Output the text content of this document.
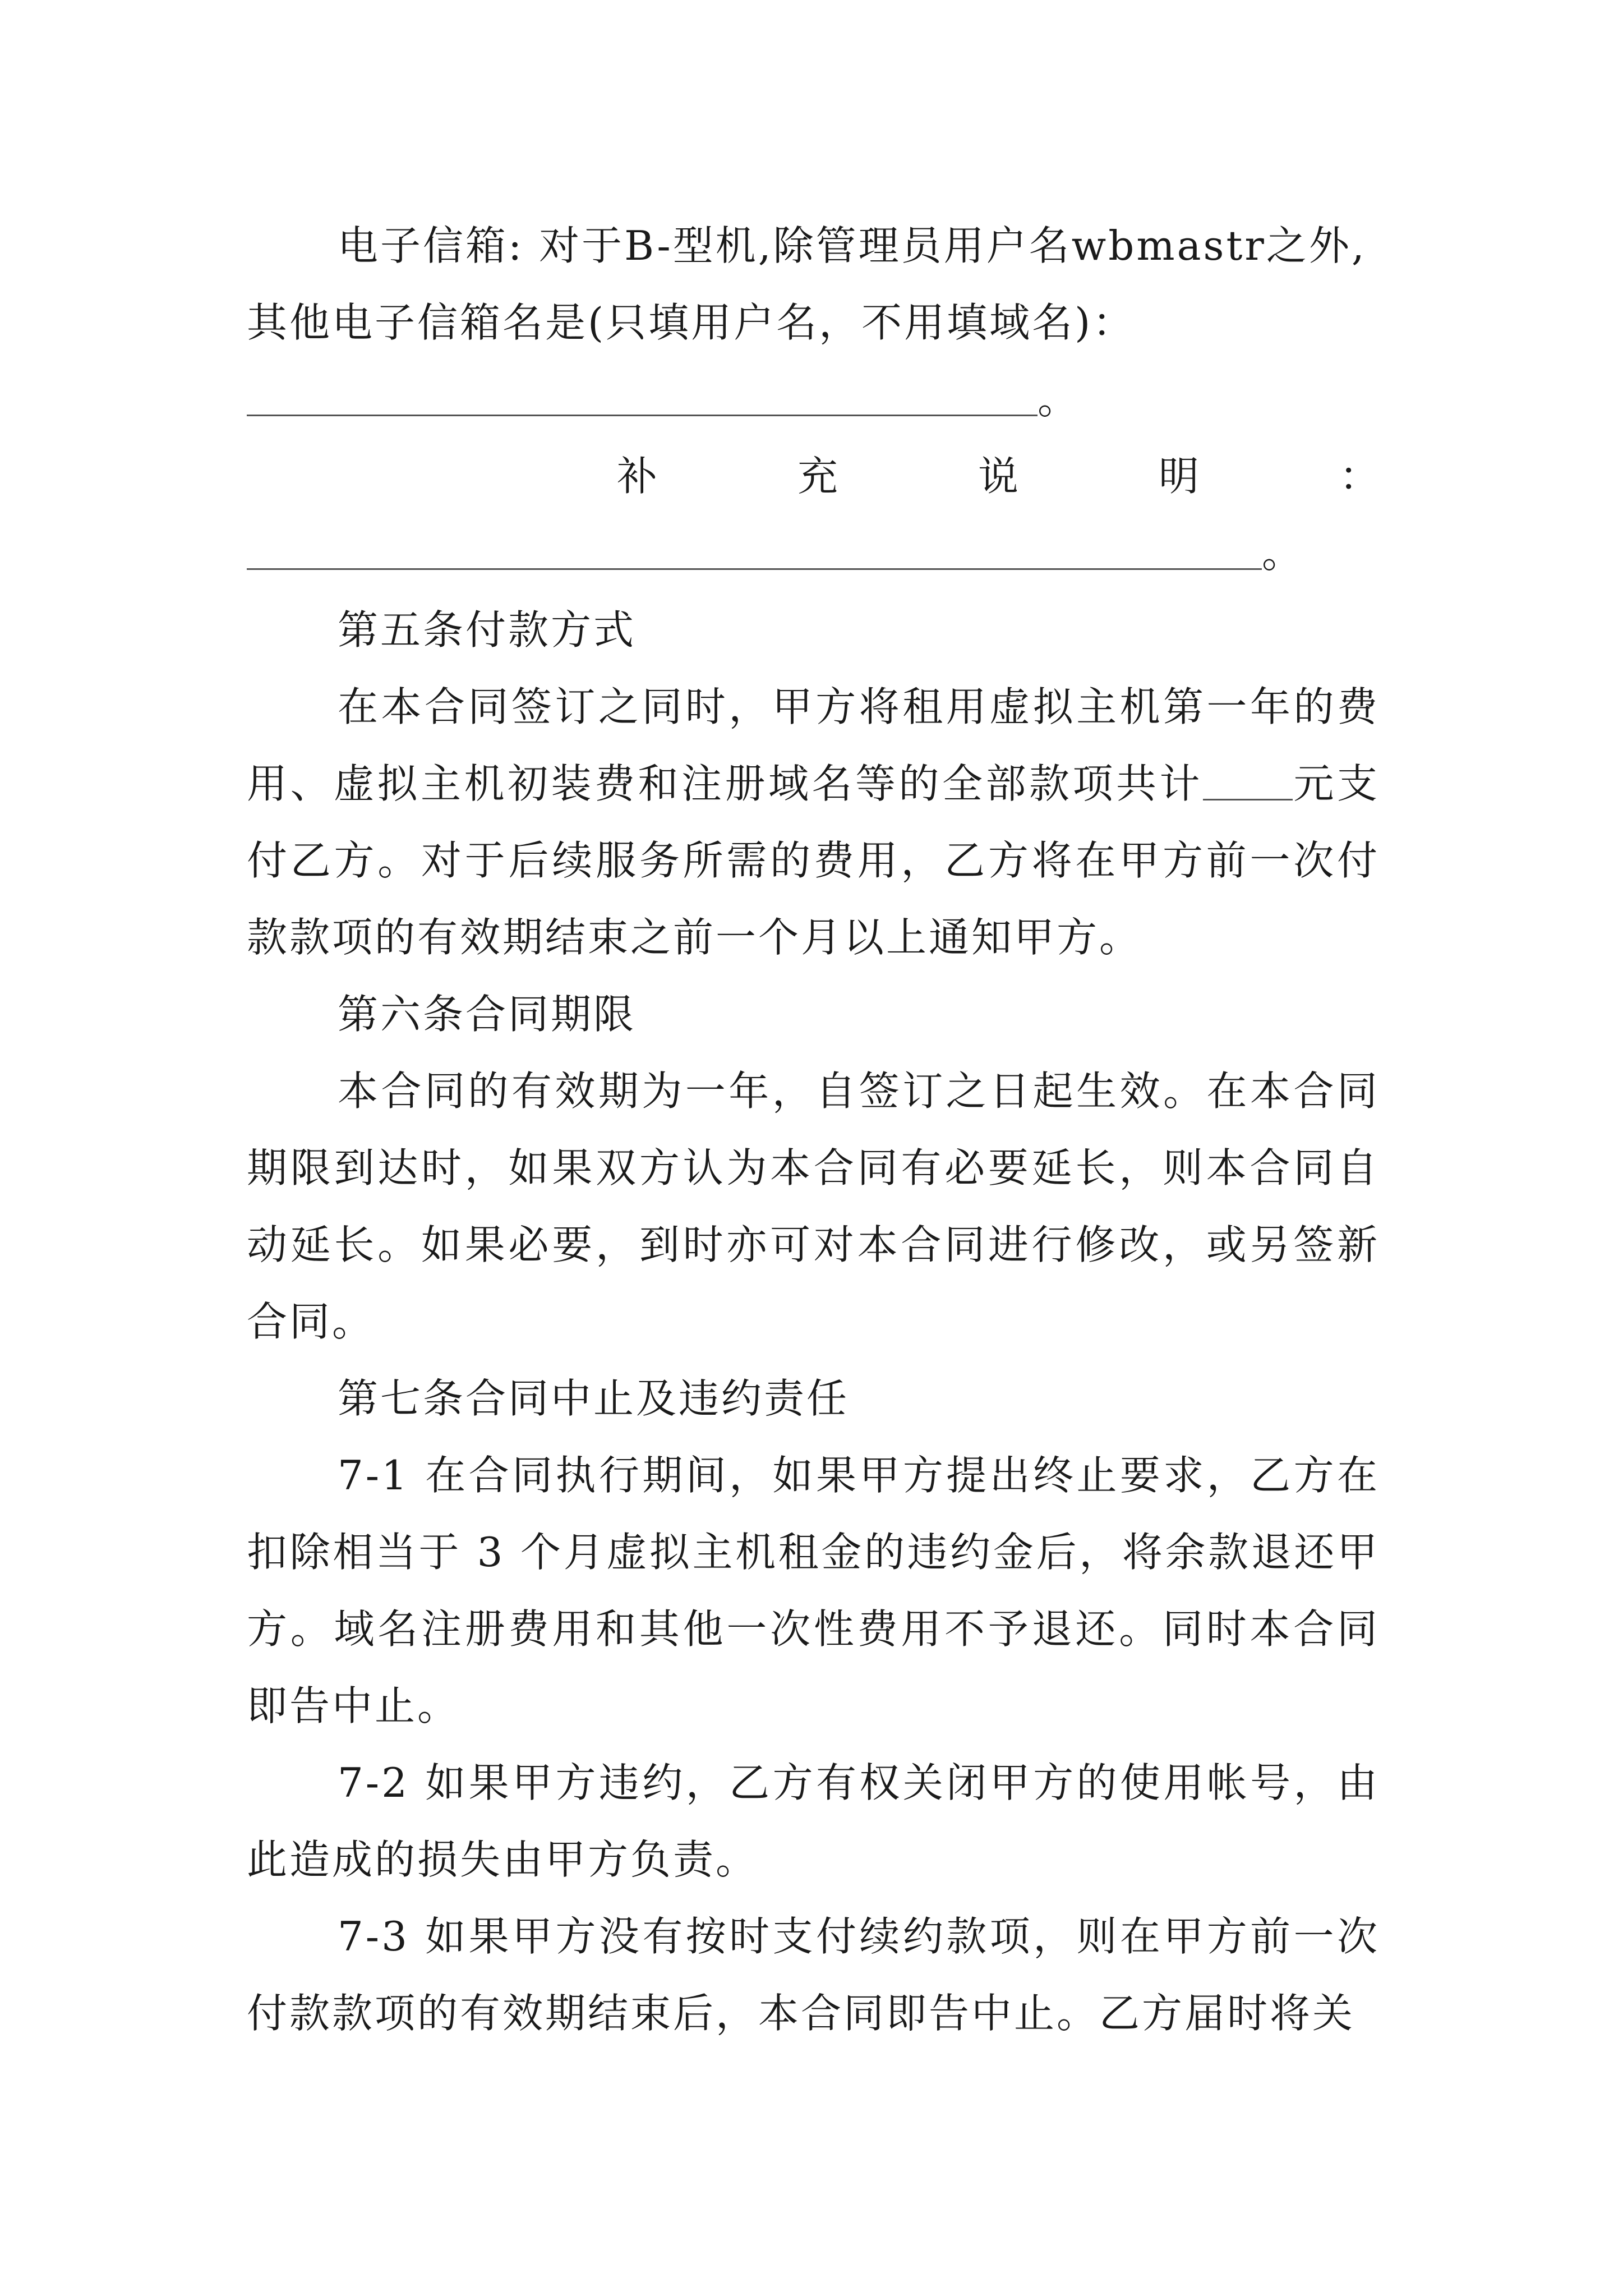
电子信箱: 对于B-型机,除管理员用户名wbmastr之外,
其他电子信箱名是(只填用户名，不用填域名)：
。
补	充	说	明	：
。
第五条付款方式
在本合同签订之同时，甲方将租用虚拟主机第一年的费用、虚拟主机初装费和注册域名等的全部款项共计 元支付乙方。对于后续服务所需的费用，乙方将在甲方前一次付款款项的有效期结束之前一个月以上通知甲方。
第六条合同期限
本合同的有效期为一年，自签订之日起生效。在本合同期限到达时，如果双方认为本合同有必要延长，则本合同自动延长。如果必要，到时亦可对本合同进行修改，或另签新合同。
第七条合同中止及违约责任
7-1 在合同执行期间，如果甲方提出终止要求，乙方在扣除相当于 3 个月虚拟主机租金的违约金后，将余款退还甲方。域名注册费用和其他一次性费用不予退还。同时本合同即告中止。
7-2 如果甲方违约，乙方有权关闭甲方的使用帐号，由此造成的损失由甲方负责。
7-3 如果甲方没有按时支付续约款项，则在甲方前一次付款款项的有效期结束后，本合同即告中止。乙方届时将关
